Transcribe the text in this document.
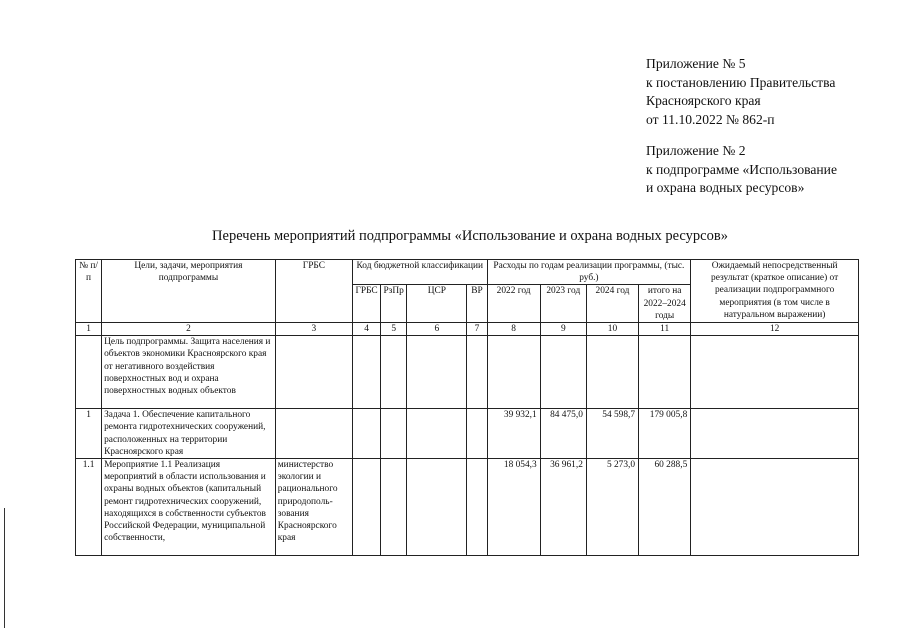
Приложение № 5
к постановлению Правительства
Красноярского края
от 11.10.2022 № 862-п
Приложение № 2
к подпрограмме «Использование
и охрана водных ресурсов»
Перечень мероприятий подпрограммы «Использование и охрана водных ресурсов»
№ п/п	Цели, задачи, мероприятия подпрограммы	ГРБС	Код бюджетной классификации				Расходы по годам реализации программы, (тыс. руб.)				Ожидаемый непосредственный результат (краткое описание) от реализации подпрограммного мероприятия (в том числе в натуральном выражении)
			ГРБС	РзПр	ЦСР	ВР	2022 год	2023 год	2024 год	итого на 2022–2024 годы	
1	2	3	4	5	6	7	8	9	10	11	12
	Цель подпрограммы. Защита населения и объектов экономики Красноярского края от негативного воздействия поверхностных вод и охрана поверхностных водных объектов										
1	Задача 1. Обеспечение капитального ремонта гидротехнических сооружений, расположенных на территории Красноярского края						39 932,1	84 475,0	54 598,7	179 005,8	
1.1	Мероприятие 1.1 Реализация мероприятий в области использования и охраны водных объектов (капитальный ремонт гидротехнических сооружений, находящихся в собственности субъектов Российской Федерации, муниципальной собственности,	министерство экологии и рационального природополь-зования Красноярского края					18 054,3	36 961,2	5 273,0	60 288,5	
